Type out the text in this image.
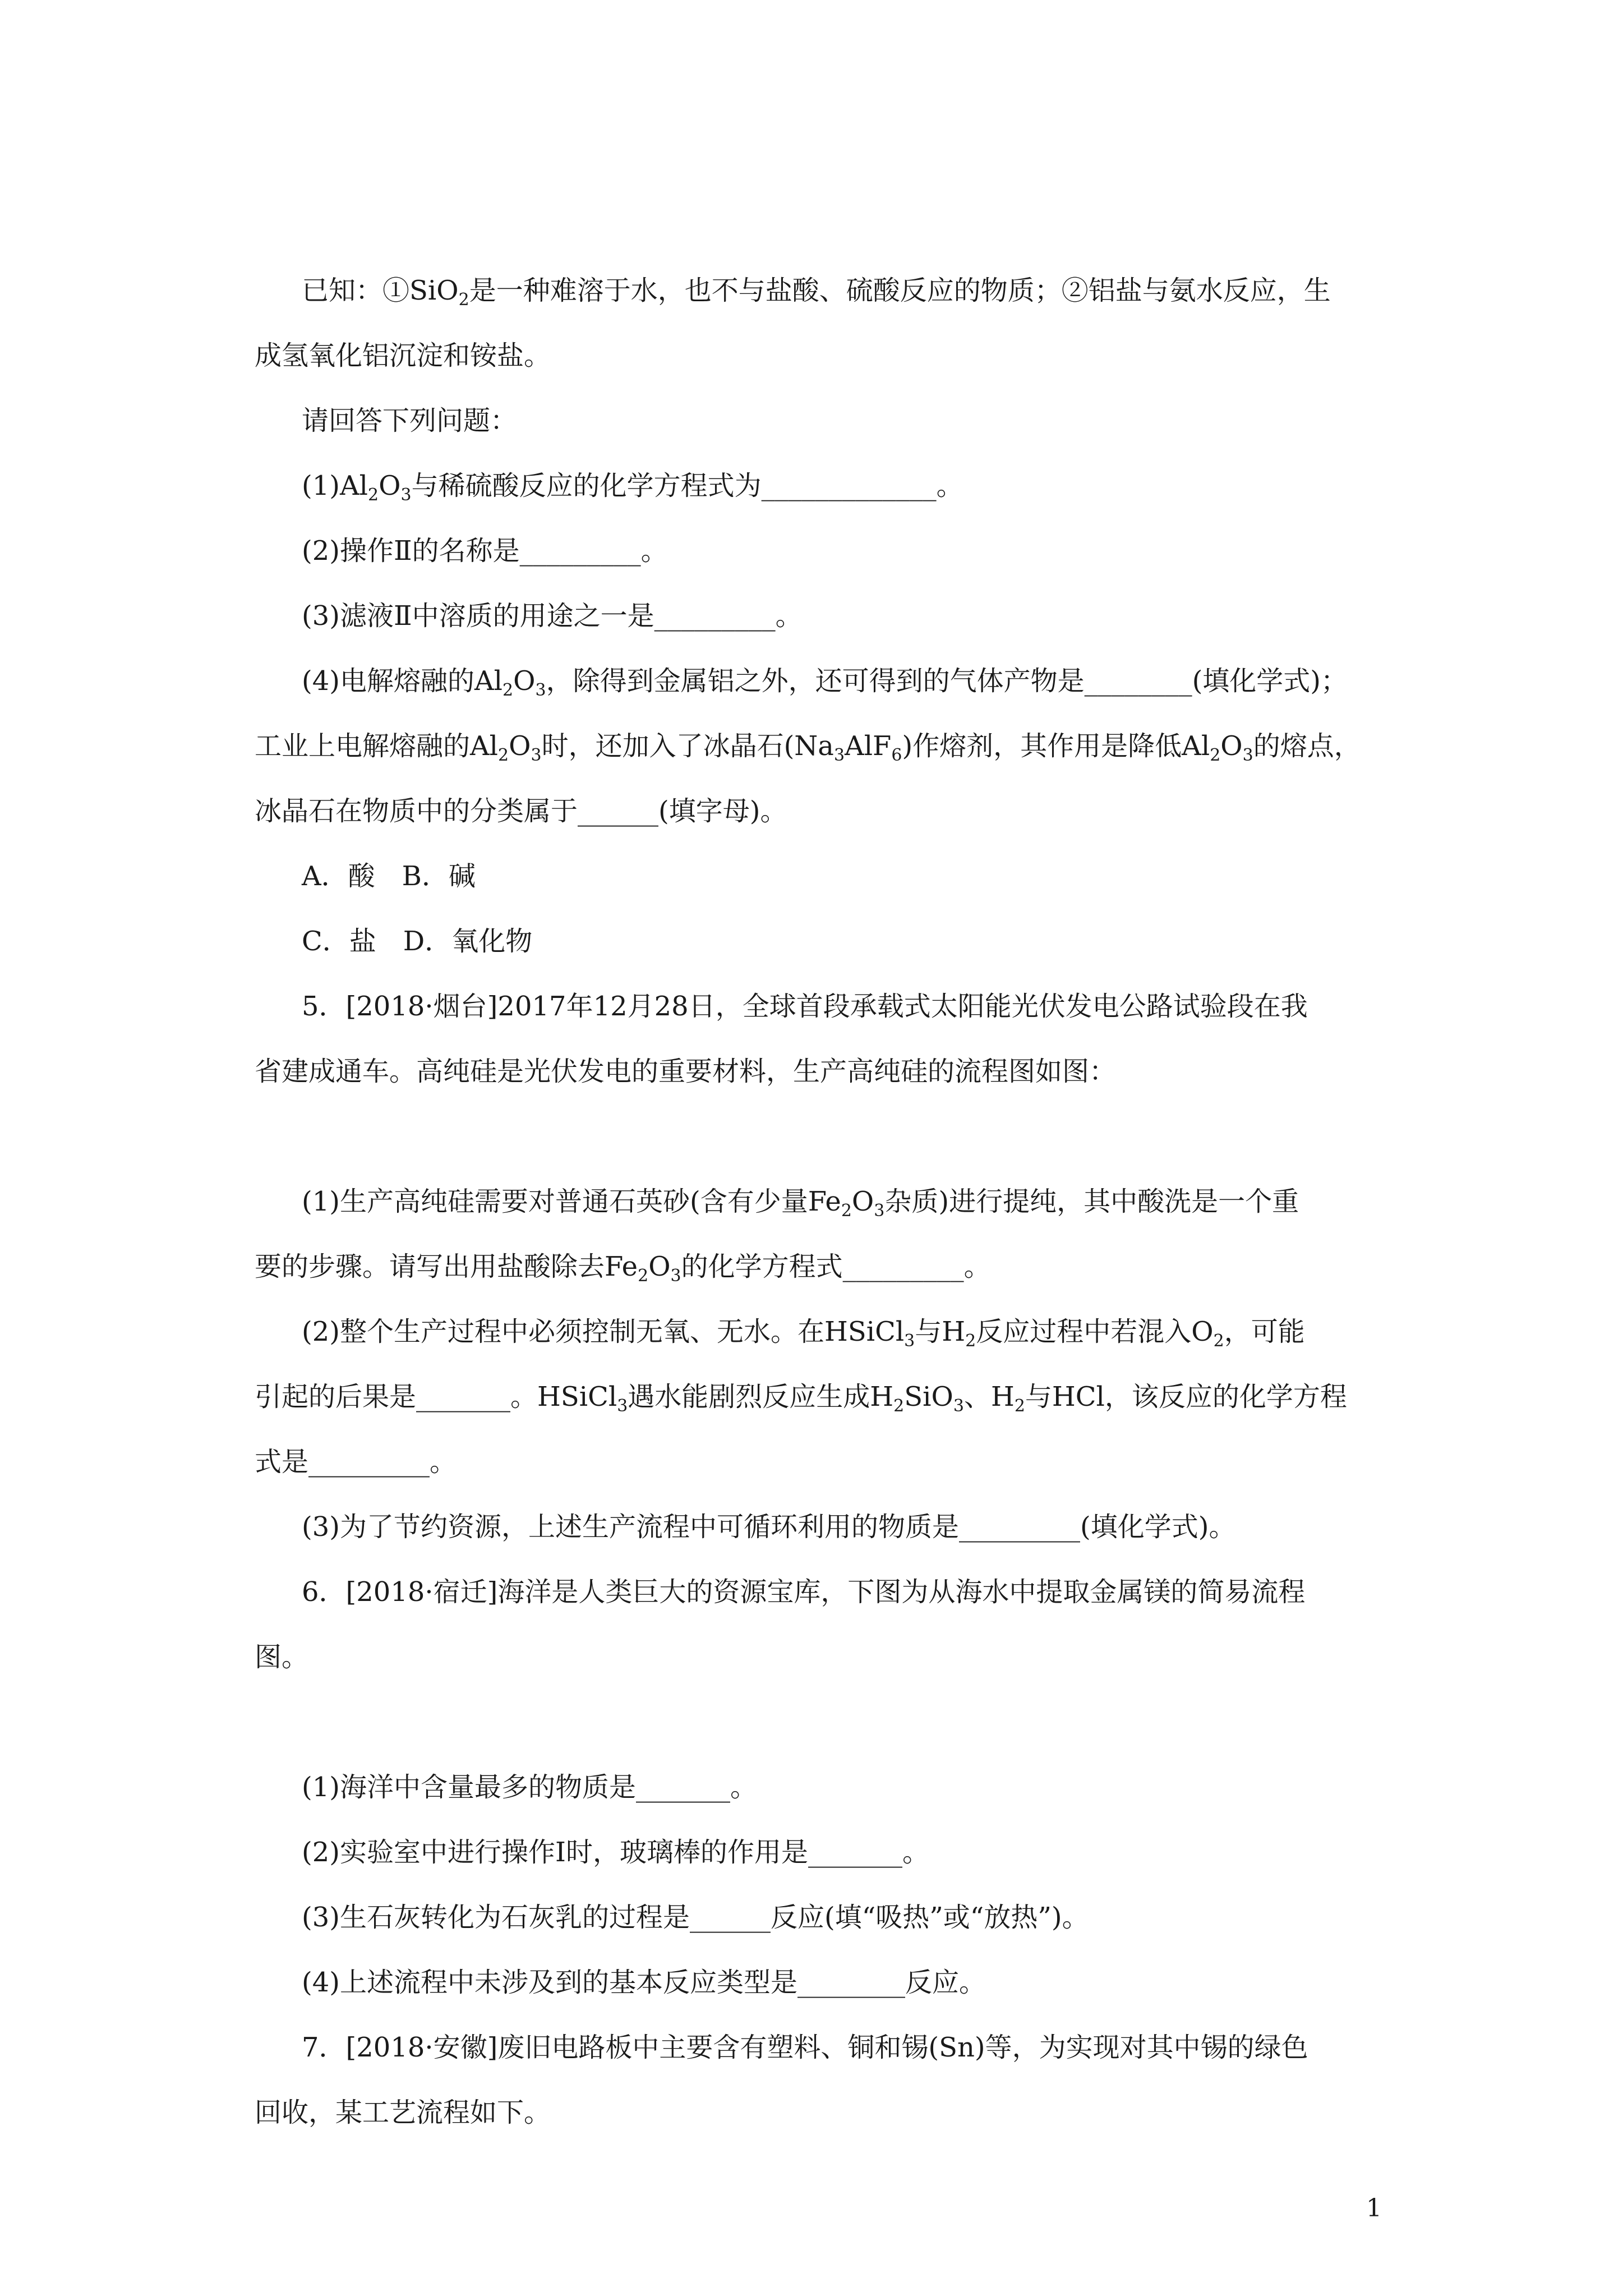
已知：①SiO$_2$是一种难溶于水，也不与盐酸、硫酸反应的物质；②铝盐与氨水反应，生
成氢氧化铝沉淀和铵盐。
请回答下列问题：
$(1)Al_2O_3$与稀硫酸反应的化学方程式为_____________。
(2)操作Ⅱ的名称是_________。
(3)滤液Ⅱ中溶质的用途之一是_________。
(4)电解熔融的$Al_2O_3$，除得到金属铝之外，还可得到的气体产物是________(填化学式)；
工业上电解熔融的$Al_2O_3$时，还加入了冰晶石$(Na_3AlF_6)$作熔剂，其作用是降低$Al_2O_3$的熔点，
冰晶石在物质中的分类属于______(填字母)。
A．酸　B．碱
C．盐　D．氧化物
5．[2018·烟台]2017年12月28日，全球首段承载式太阳能光伏发电公路试验段在我
省建成通车。高纯硅是光伏发电的重要材料，生产高纯硅的流程图如图：
(1)生产高纯硅需要对普通石英砂(含有少量$Fe_2O_3$杂质)进行提纯，其中酸洗是一个重
要的步骤。请写出用盐酸除去$Fe_2O_3$的化学方程式_________。
(2)整个生产过程中必须控制无氧、无水。在HSiCl$_3$与$H_2$反应过程中若混入$O_2$，可能
引起的后果是_______。HSiCl$_3$遇水能剧烈反应生成$H_2SiO_3$、$H_2$与HCl，该反应的化学方程
式是_________。
(3)为了节约资源，上述生产流程中可循环利用的物质是_________(填化学式)。
6．[2018·宿迁]海洋是人类巨大的资源宝库，下图为从海水中提取金属镁的简易流程
图。
(1)海洋中含量最多的物质是_______。
(2)实验室中进行操作Ⅰ时，玻璃棒的作用是_______。
(3)生石灰转化为石灰乳的过程是______反应(填“吸热”或“放热”)。
(4)上述流程中未涉及到的基本反应类型是________反应。
7．[2018·安徽]废旧电路板中主要含有塑料、铜和锡(Sn)等，为实现对其中锡的绿色
回收，某工艺流程如下。
1
